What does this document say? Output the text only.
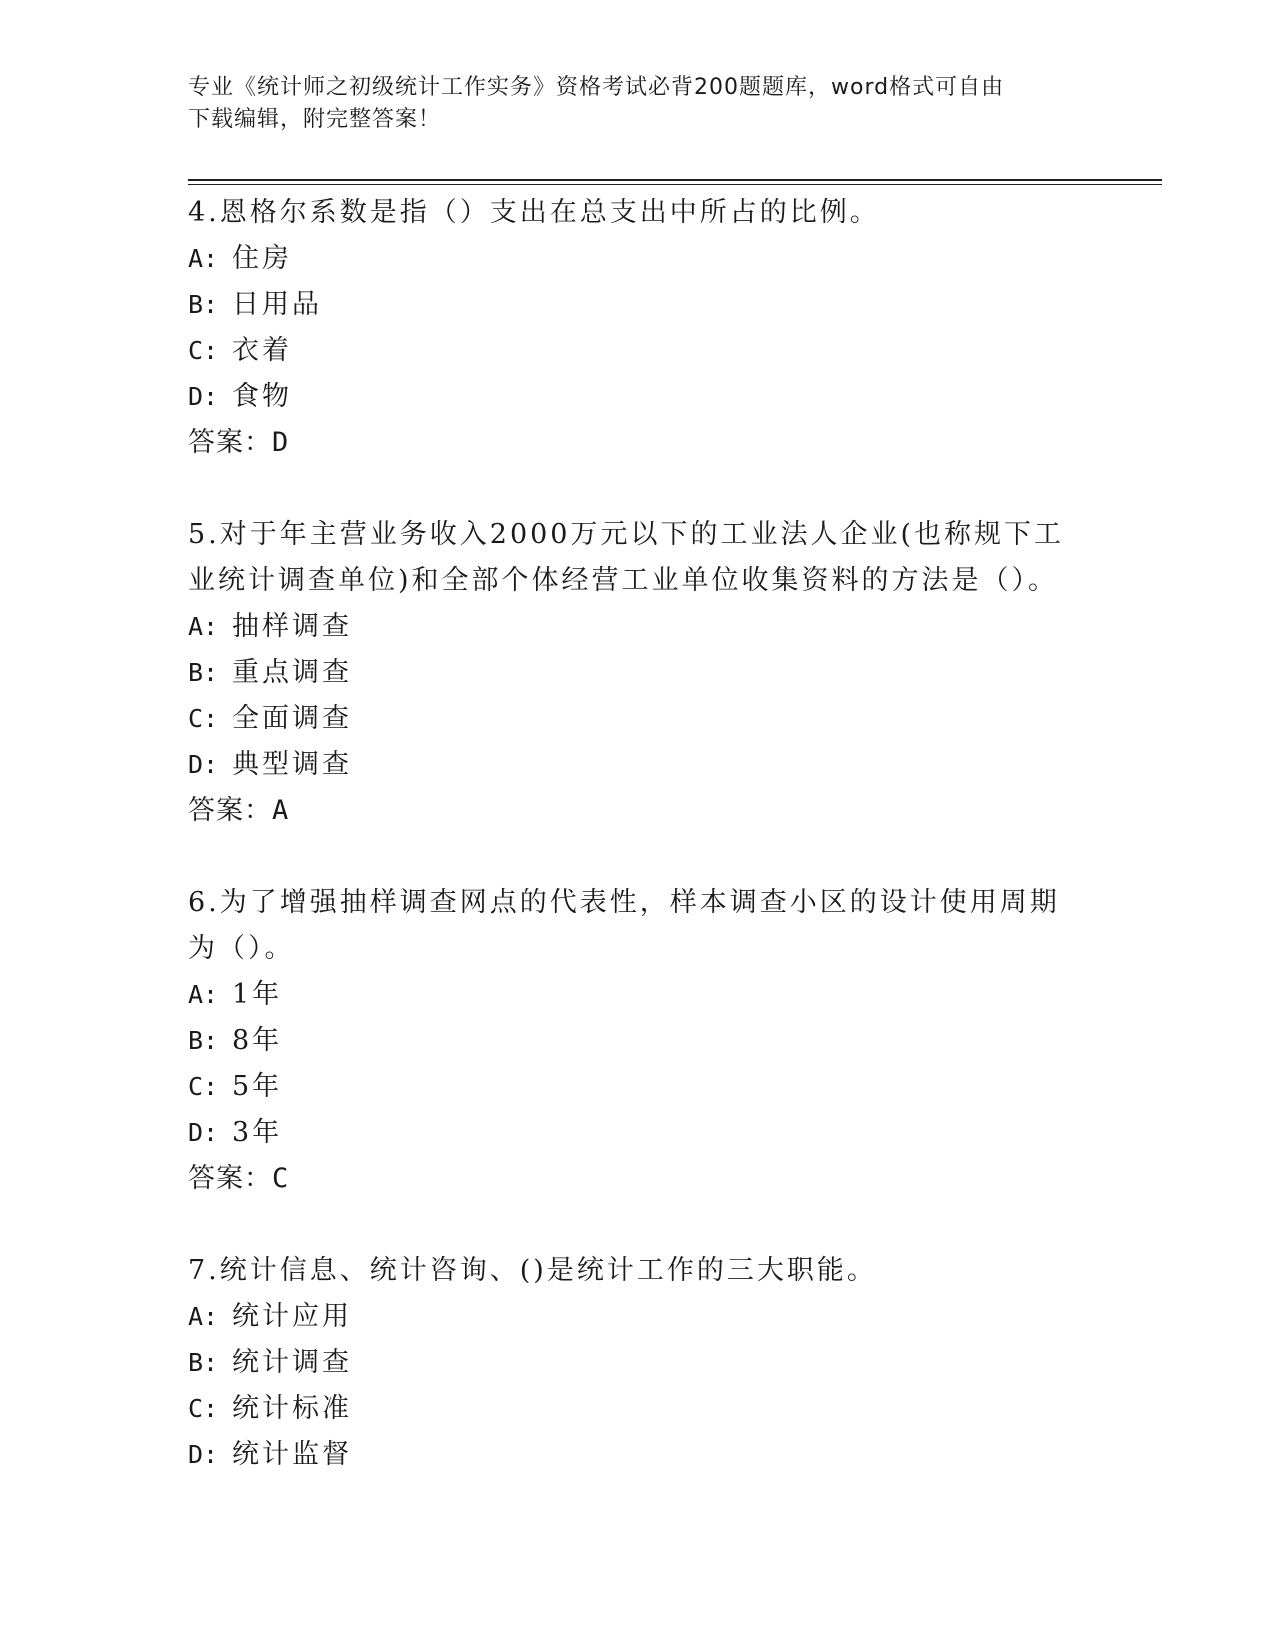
专业《统计师之初级统计工作实务》资格考试必背200题题库，word格式可自由
下载编辑，附完整答案！
4.恩格尔系数是指（）支出在总支出中所占的比例。
A: 住房
B: 日用品
C: 衣着
D: 食物
答案：D
5.对于年主营业务收入2000万元以下的工业法人企业(也称规下工业统计调查单位)和全部个体经营工业单位收集资料的方法是（）。
A: 抽样调查
B: 重点调查
C: 全面调查
D: 典型调查
答案：A
6.为了增强抽样调查网点的代表性，样本调查小区的设计使用周期为（）。
A: 1年
B: 8年
C: 5年
D: 3年
答案：C
7.统计信息、统计咨询、()是统计工作的三大职能。
A: 统计应用
B: 统计调查
C: 统计标准
D: 统计监督
